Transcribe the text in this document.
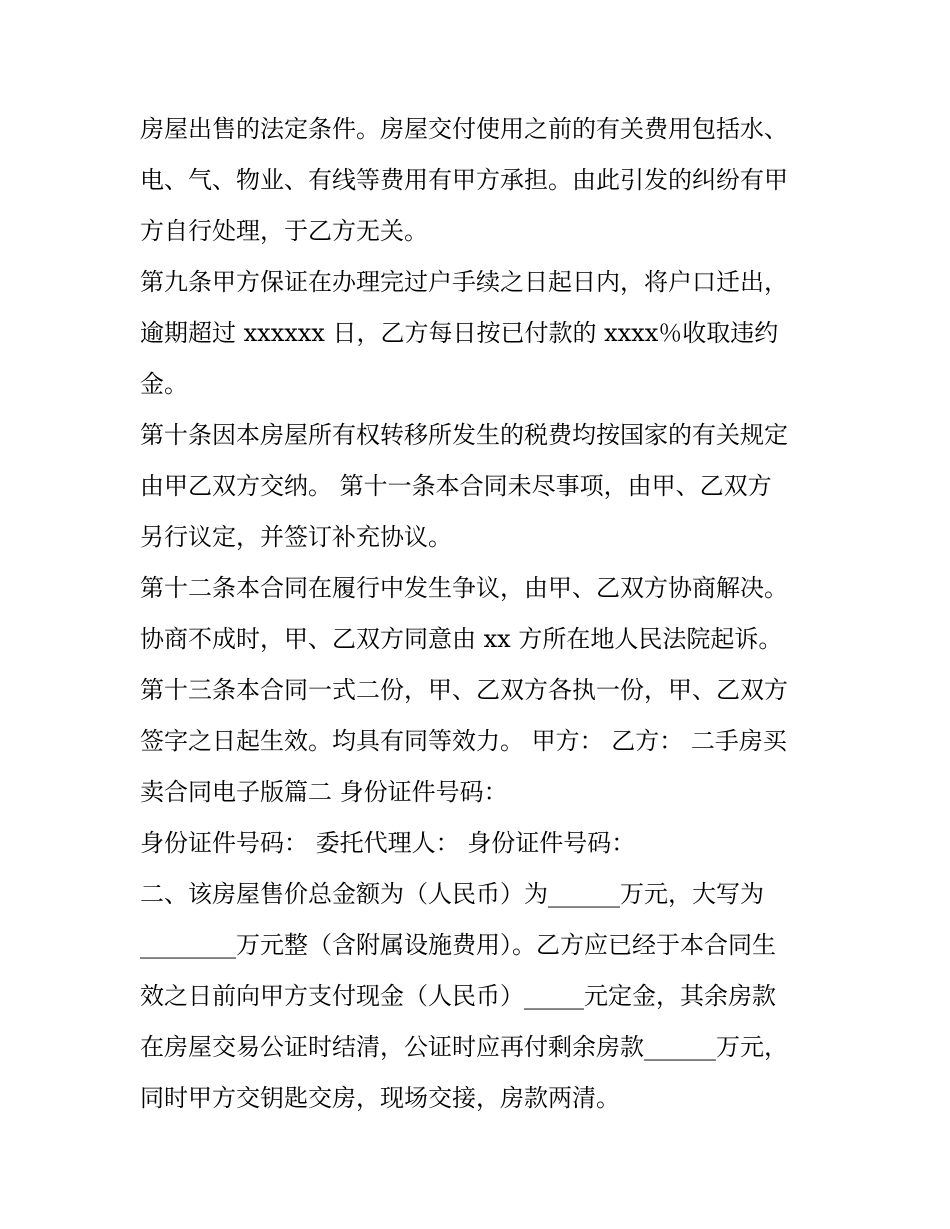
房屋出售的法定条件。房屋交付使用之前的有关费用包括水、
电、气、物业、有线等费用有甲方承担。由此引发的纠纷有甲
方自行处理，于乙方无关。
第九条甲方保证在办理完过户手续之日起日内，将户口迁出，
逾期超过 xxxxxx 日，乙方每日按已付款的 xxxx％收取违约
金。
第十条因本房屋所有权转移所发生的税费均按国家的有关规定
由甲乙双方交纳。 第十一条本合同未尽事项，由甲、乙双方
另行议定，并签订补充协议。
第十二条本合同在履行中发生争议，由甲、乙双方协商解决。
协商不成时，甲、乙双方同意由 xx 方所在地人民法院起诉。
第十三条本合同一式二份，甲、乙双方各执一份，甲、乙双方
签字之日起生效。均具有同等效力。 甲方： 乙方： 二手房买
卖合同电子版篇二 身份证件号码：
身份证件号码： 委托代理人： 身份证件号码：
二、该房屋售价总金额为（人民币）为______万元，大写为
________万元整（含附属设施费用）。乙方应已经于本合同生
效之日前向甲方支付现金（人民币）_____元定金，其余房款
在房屋交易公证时结清，公证时应再付剩余房款______万元，
同时甲方交钥匙交房，现场交接，房款两清。
